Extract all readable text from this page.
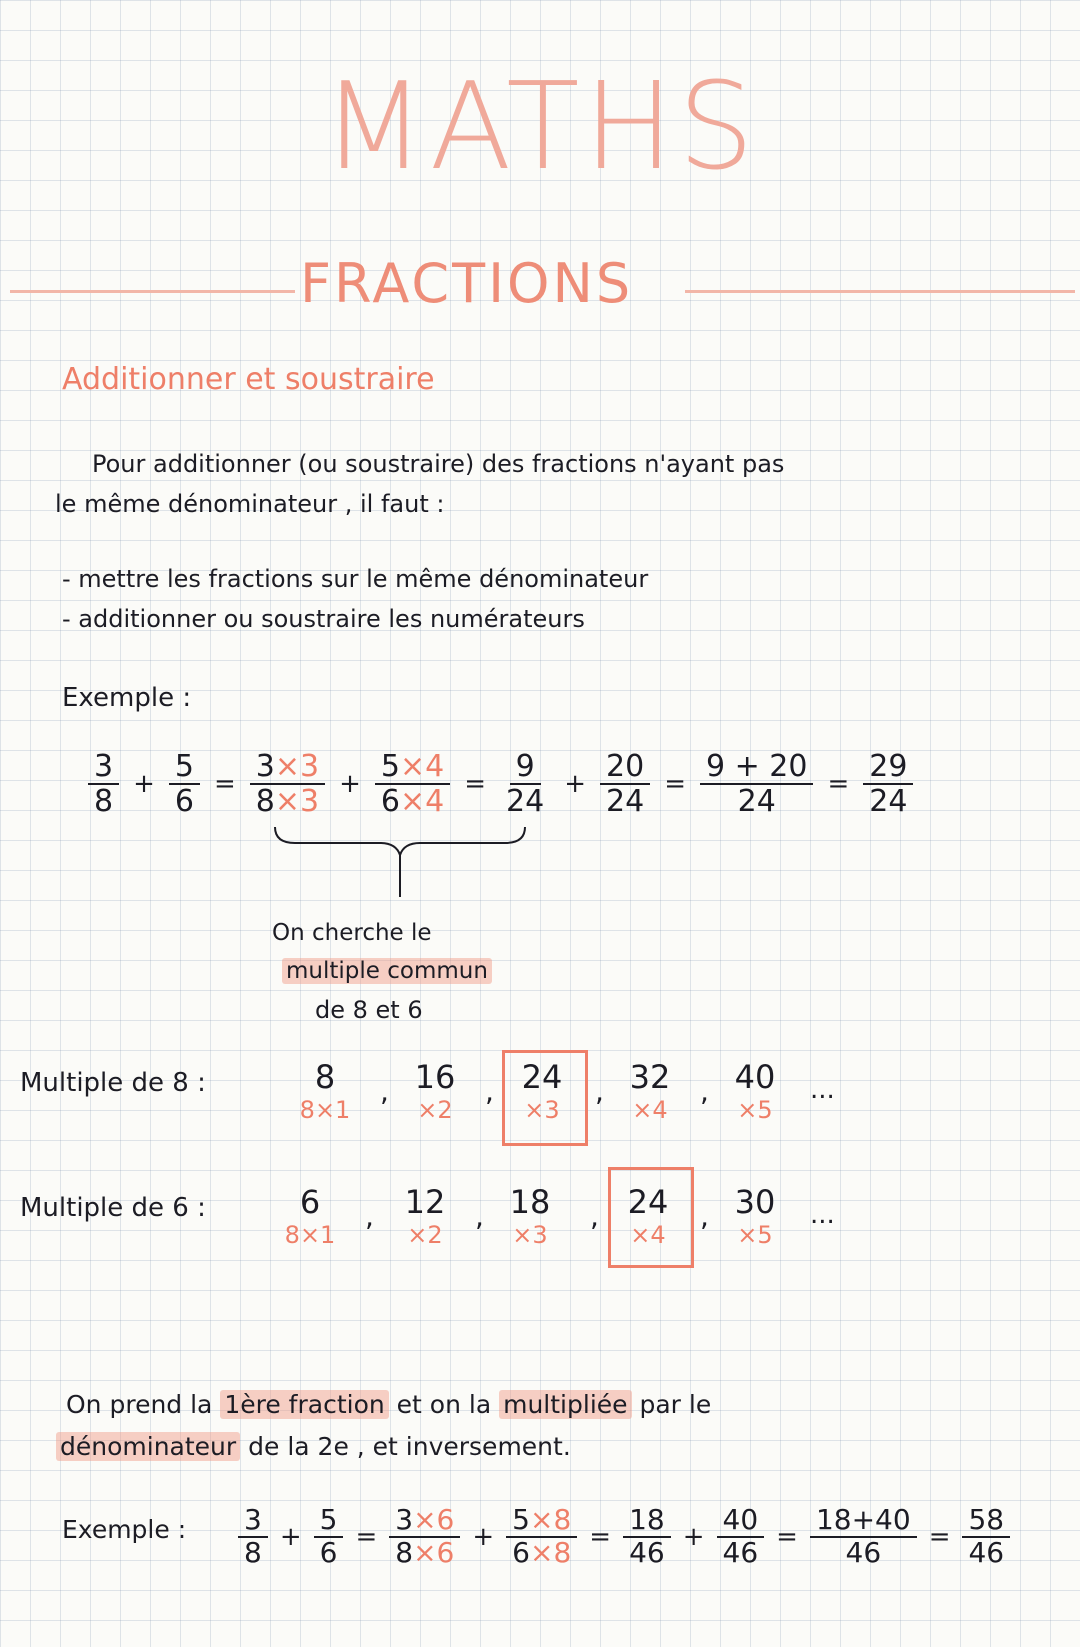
MATHS
FRACTIONS
Additionner et soustraire
Pour additionner (ou soustraire) des fractions n'ayant pas
le même dénominateur , il faut :
- mettre les fractions sur le même dénominateur
- additionner ou soustraire les numérateurs
Exemple :
$\frac{3}{8} + \frac{5}{6} = \frac{3\times 3}{8\times 3} + \frac{5\times 4}{6\times 4} = \frac{9}{24} + \frac{20}{24} = \frac{9 + 20}{24} = \frac{29}{24}$
On cherche le
multiple commun
de 8 et 6
Multiple de 8 :	8
8×1
, 16
×2
, 24
×3
, 32
×4
, 40
×5
...
Multiple de 6 :	6
8×1
, 12
×2
, 18
×3
, 24
×4
, 30
×5
...
On prend la 1ère fraction et on la multipliée par le
dénominateur de la 2e , et inversement.
Exemple : $\frac{3}{8} + \frac{5}{6} = \frac{3\times 6}{8\times 6} + \frac{5\times 8}{6\times 8} = \frac{18}{46} + \frac{40}{46} = \frac{18+40}{46} = \frac{58}{46}$
